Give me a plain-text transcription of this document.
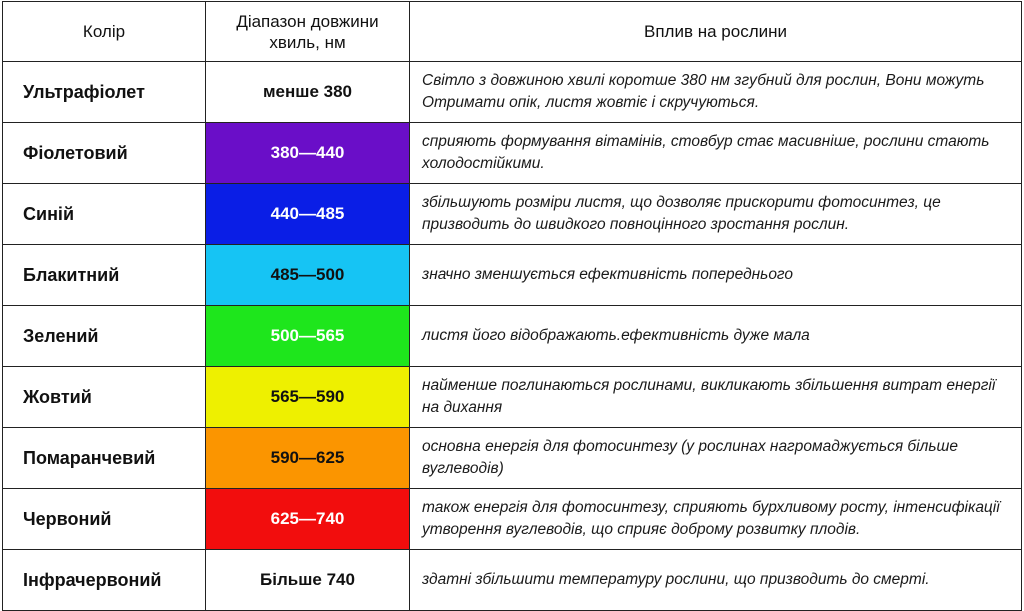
Колір	Діапазон довжини хвиль, нм	Вплив на рослини
Ультрафіолет	менше 380	Світло з довжиною хвилі коротше 380 нм згубний для рослин, Вони можуть Отримати опік, листя жовтіє і скручуються.
Фіолетовий	380—440	сприяють формування вітамінів, стовбур стає масивніше, рослини стають холодостійкими.
Синій	440—485	збільшують розміри листя, що дозволяє прискорити фотосинтез, це призводить до швидкого повноцінного зростання рослин.
Блакитний	485—500	значно зменшується ефективність попереднього
Зелений	500—565	листя його відображають.ефективність дуже мала
Жовтий	565—590	найменше поглинаються рослинами, викликають збільшення витрат енергії на дихання
Помаранчевий	590—625	основна енергія для фотосинтезу (у рослинах нагромаджується більше вуглеводів)
Червоний	625—740	також енергія для фотосинтезу, сприяють бурхливому росту, інтенсифікації утворення вуглеводів, що сприяє доброму розвитку плодів.
Інфрачервоний	Більше 740	здатні збільшити температуру рослини, що призводить до смерті.
